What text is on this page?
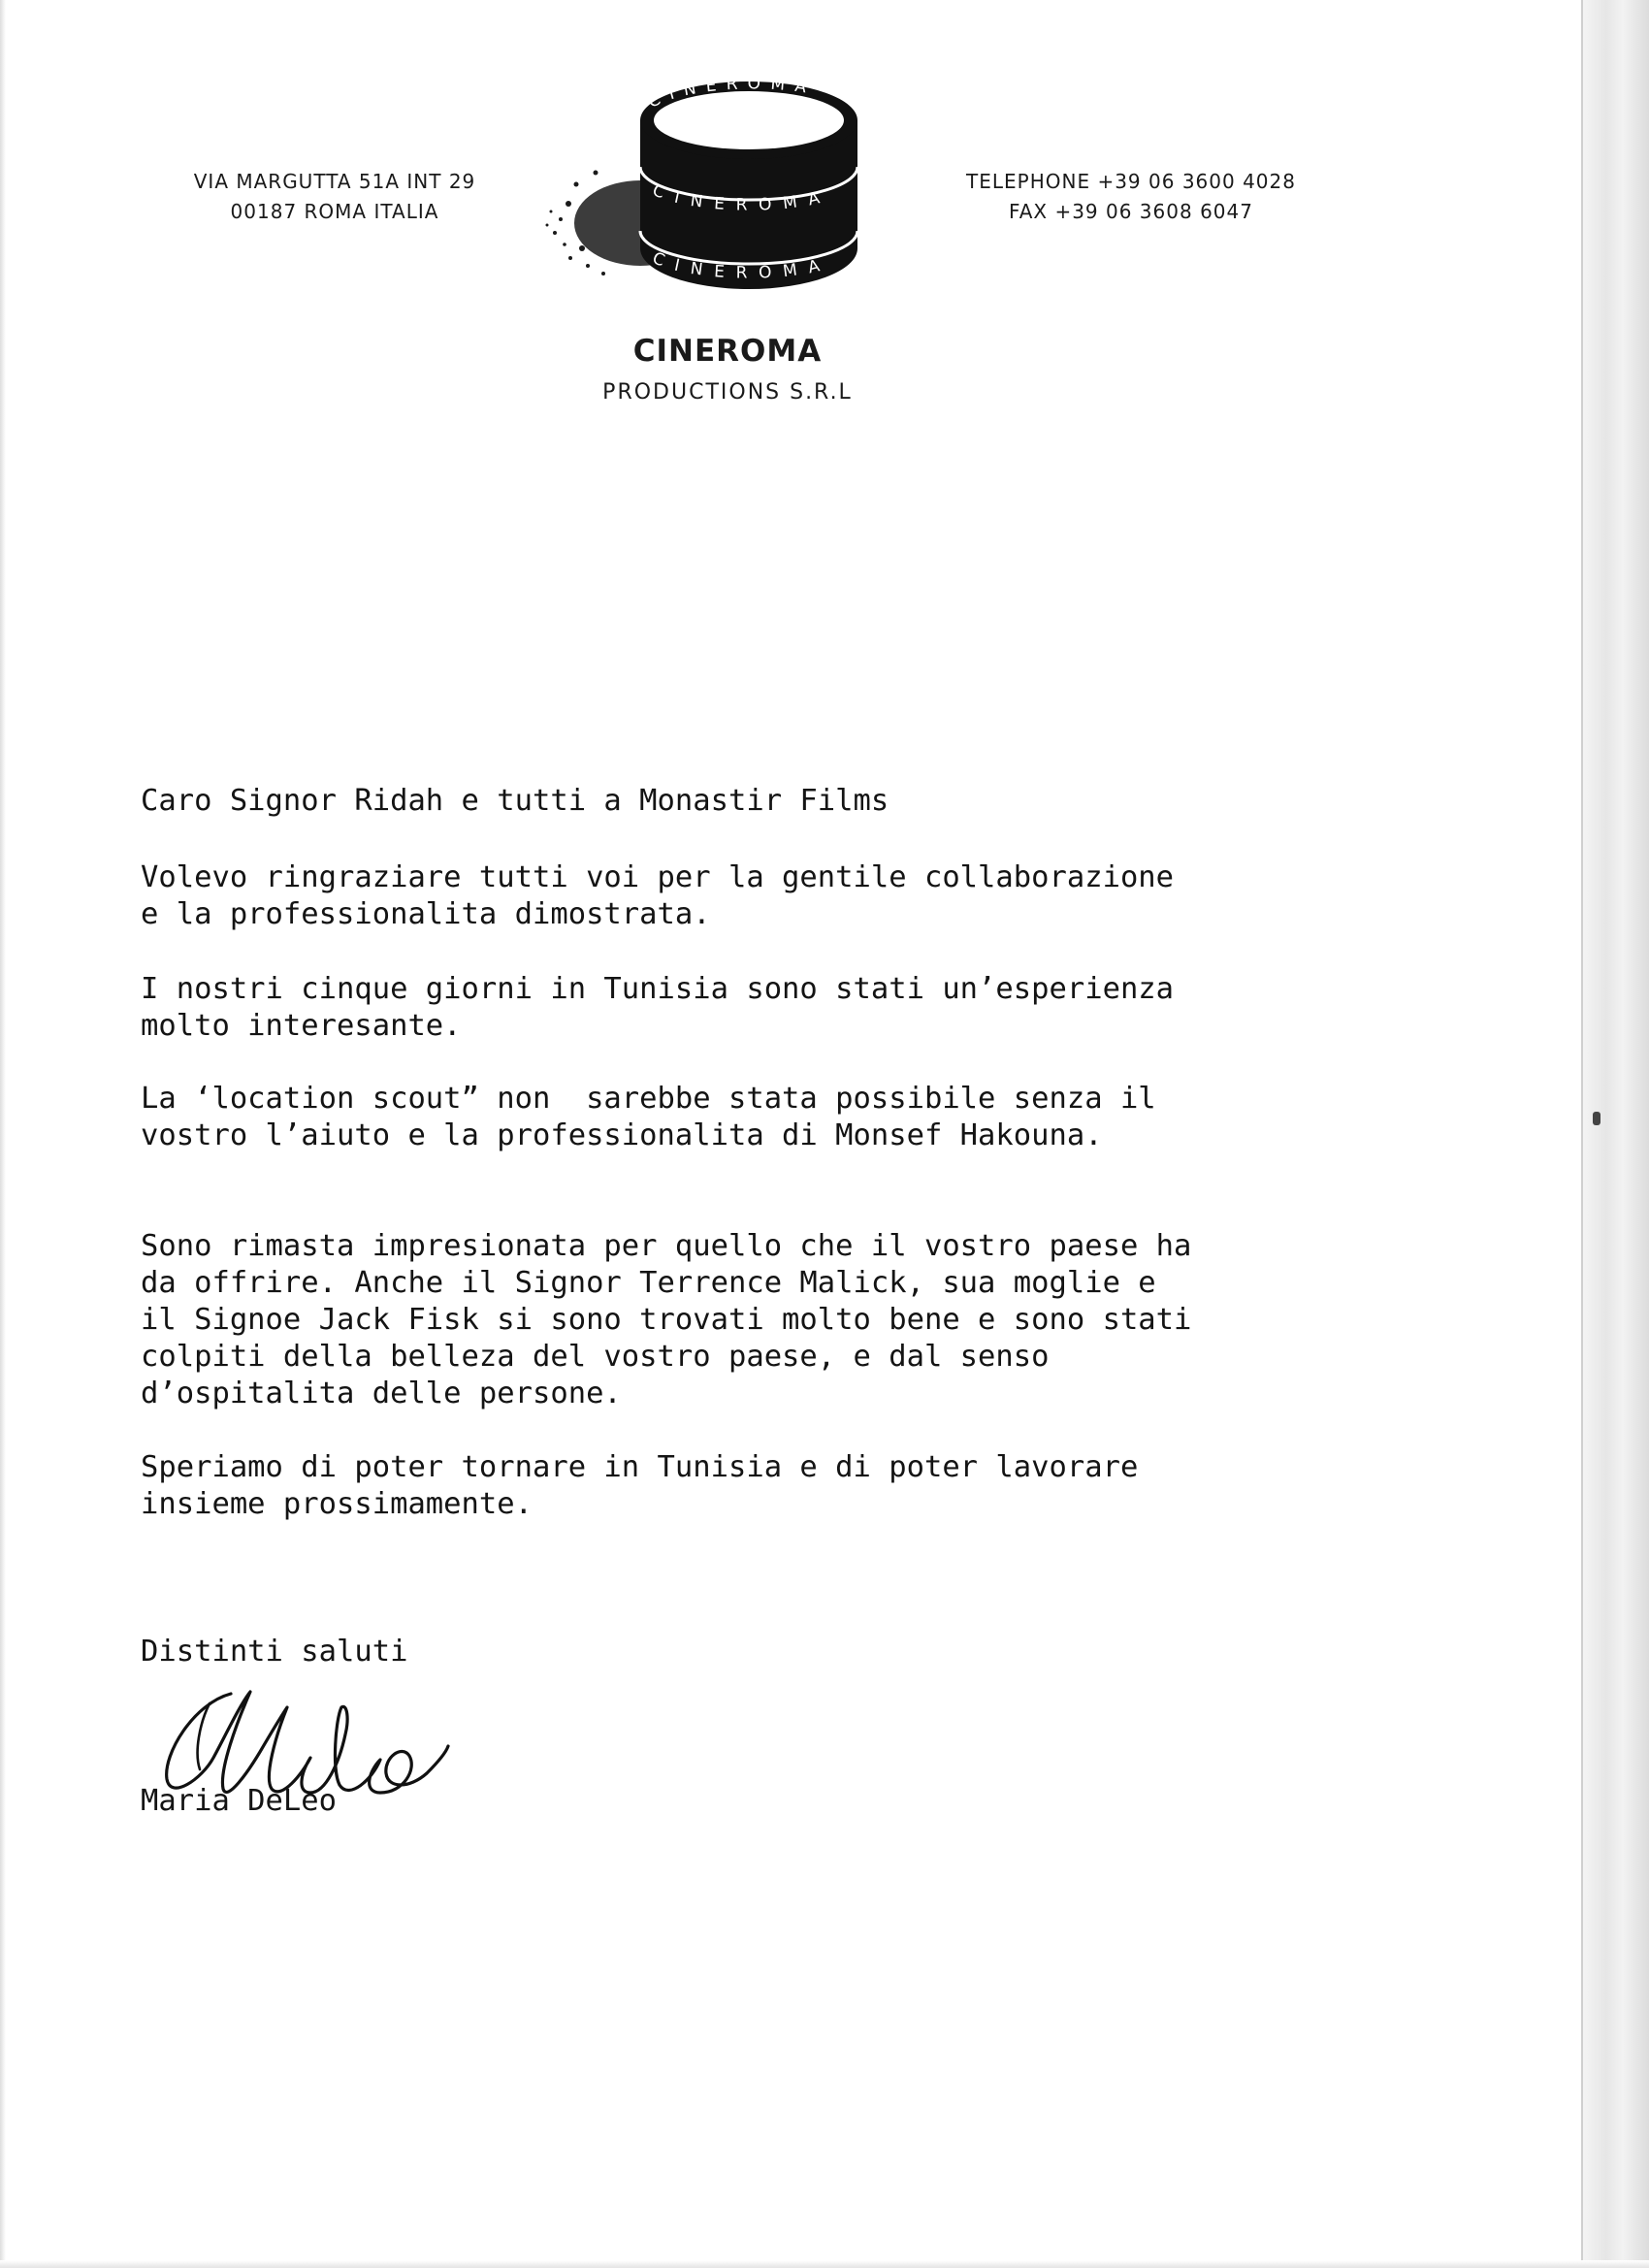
VIA MARGUTTA 51A INT 29
00187 ROMA ITALIA
CINEROMA
CINEROMA
CINEROMA
TELEPHONE +39 06 3600 4028
FAX +39 06 3608 6047
CINEROMA
PRODUCTIONS S.R.L
Caro Signor Ridah e tutti a Monastir Films
Volevo ringraziare tutti voi per la gentile collaborazione
e la professionalita dimostrata.
I nostri cinque giorni in Tunisia sono stati un’esperienza
molto interesante.
La ‘location scout” non  sarebbe stata possibile senza il
vostro l’aiuto e la professionalita di Monsef Hakouna.
Sono rimasta impresionata per quello che il vostro paese ha
da offrire. Anche il Signor Terrence Malick, sua moglie e
il Signoe Jack Fisk si sono trovati molto bene e sono stati
colpiti della belleza del vostro paese, e dal senso
d’ospitalita delle persone.
Speriamo di poter tornare in Tunisia e di poter lavorare
insieme prossimamente.
Distinti saluti
Maria DeLeo
